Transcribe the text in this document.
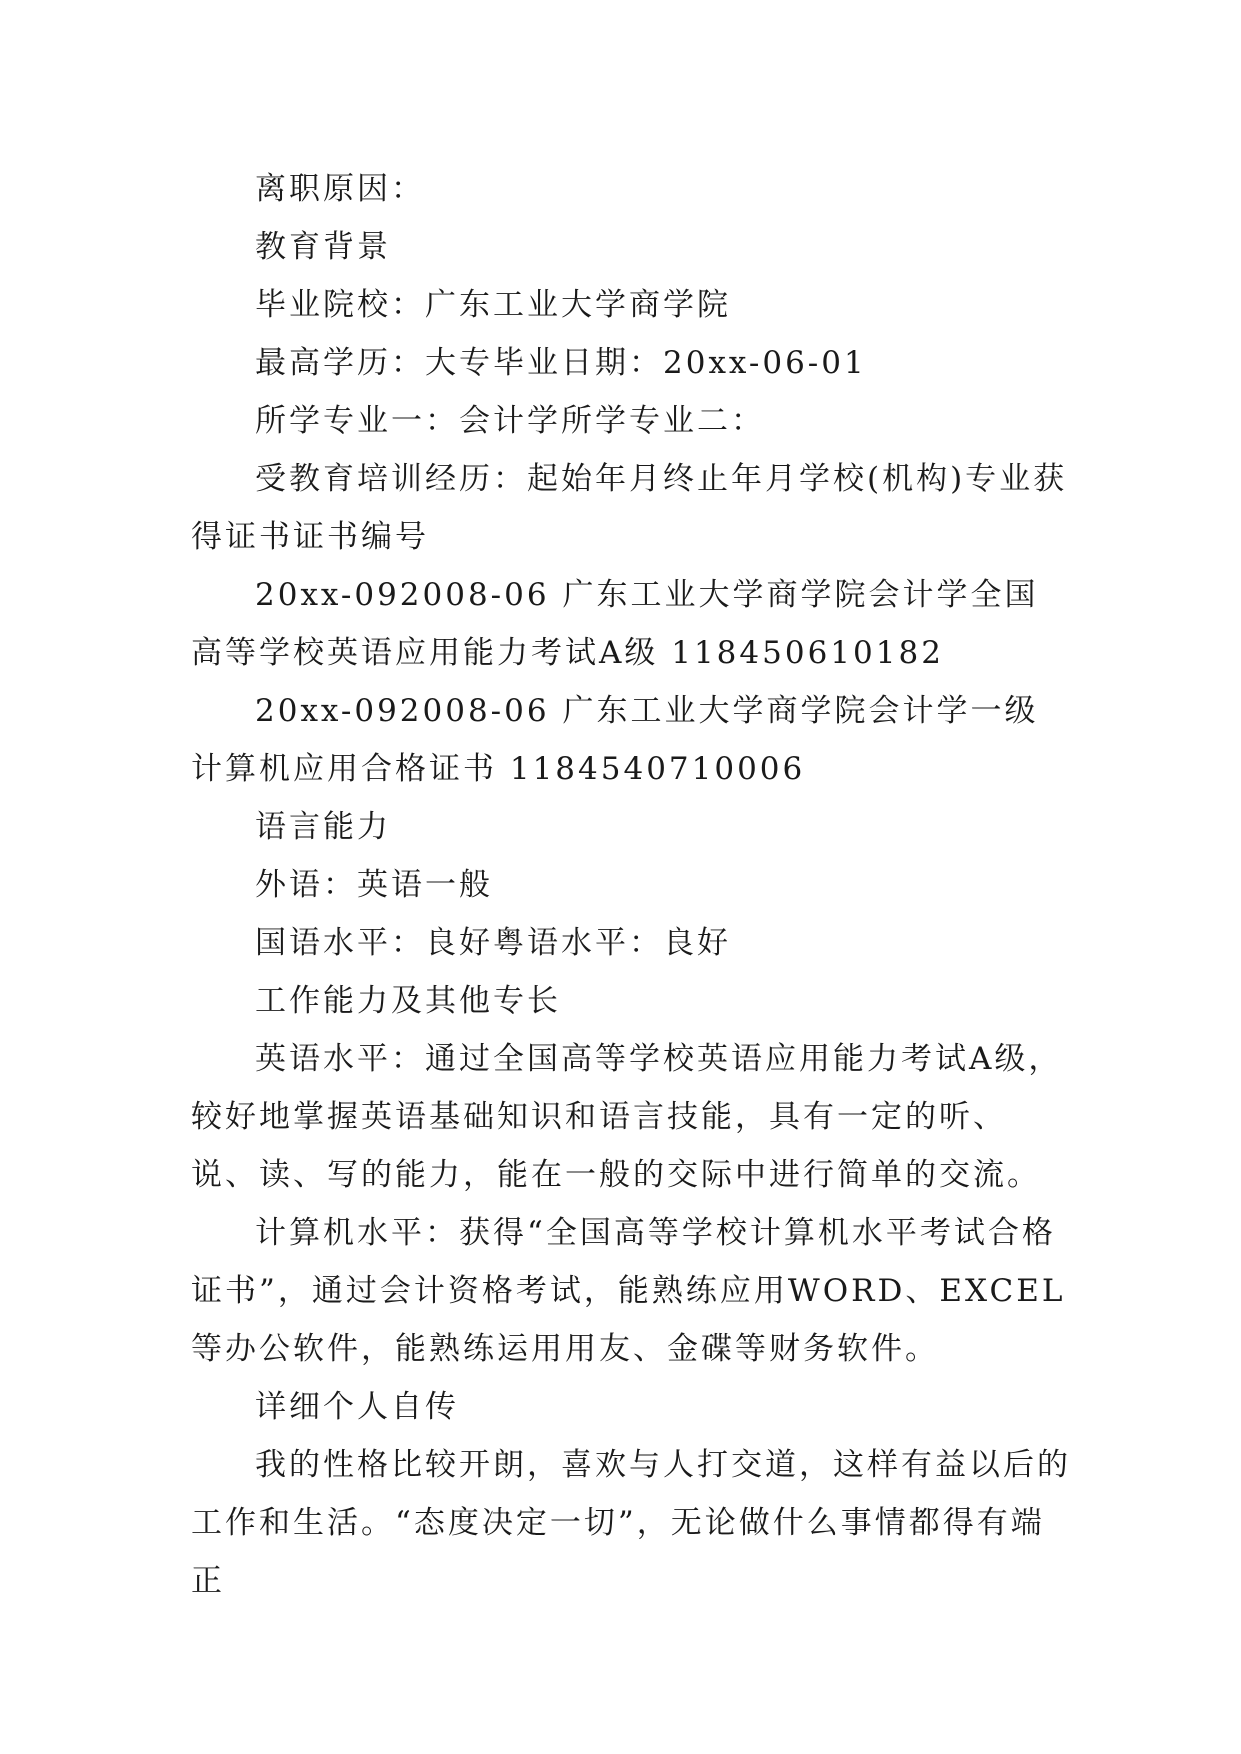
离职原因：

教育背景

毕业院校：广东工业大学商学院

最高学历：大专毕业日期：20xx-06-01

所学专业一：会计学所学专业二：

受教育培训经历：起始年月终止年月学校(机构)专业获得证书证书编号

20xx-092008-06 广东工业大学商学院会计学全国高等学校英语应用能力考试A级 118450610182

20xx-092008-06 广东工业大学商学院会计学一级计算机应用合格证书 1184540710006

语言能力

外语：英语一般

国语水平：良好粤语水平：良好

工作能力及其他专长

英语水平：通过全国高等学校英语应用能力考试A级，较好地掌握英语基础知识和语言技能，具有一定的听、说、读、写的能力，能在一般的交际中进行简单的交流。

计算机水平：获得“全国高等学校计算机水平考试合格证书”，通过会计资格考试，能熟练应用WORD、EXCEL等办公软件，能熟练运用用友、金碟等财务软件。

详细个人自传

我的性格比较开朗，喜欢与人打交道，这样有益以后的工作和生活。“态度决定一切”，无论做什么事情都得有端正
